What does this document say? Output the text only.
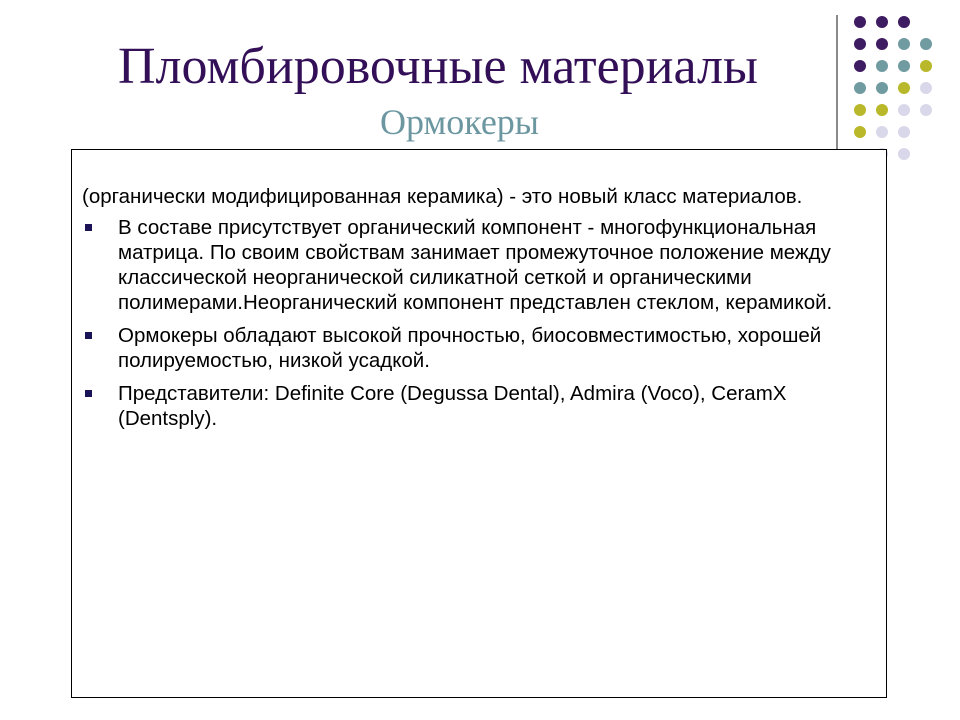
Пломбировочные материалы
Ормокеры

(органически модифицированная керамика) - это новый класс материалов.

В составе присутствует органический компонент - многофункциональная матрица. По своим свойствам занимает промежуточное положение между классической неорганической силикатной сеткой и органическими полимерами.Неорганический компонент представлен стеклом, керамикой.
Ормокеры обладают высокой прочностью, биосовместимостью, хорошей полируемостью, низкой усадкой.
Представители: Definite Core (Degussa Dental), Admira (Voco), CeramX (Dentsply).
